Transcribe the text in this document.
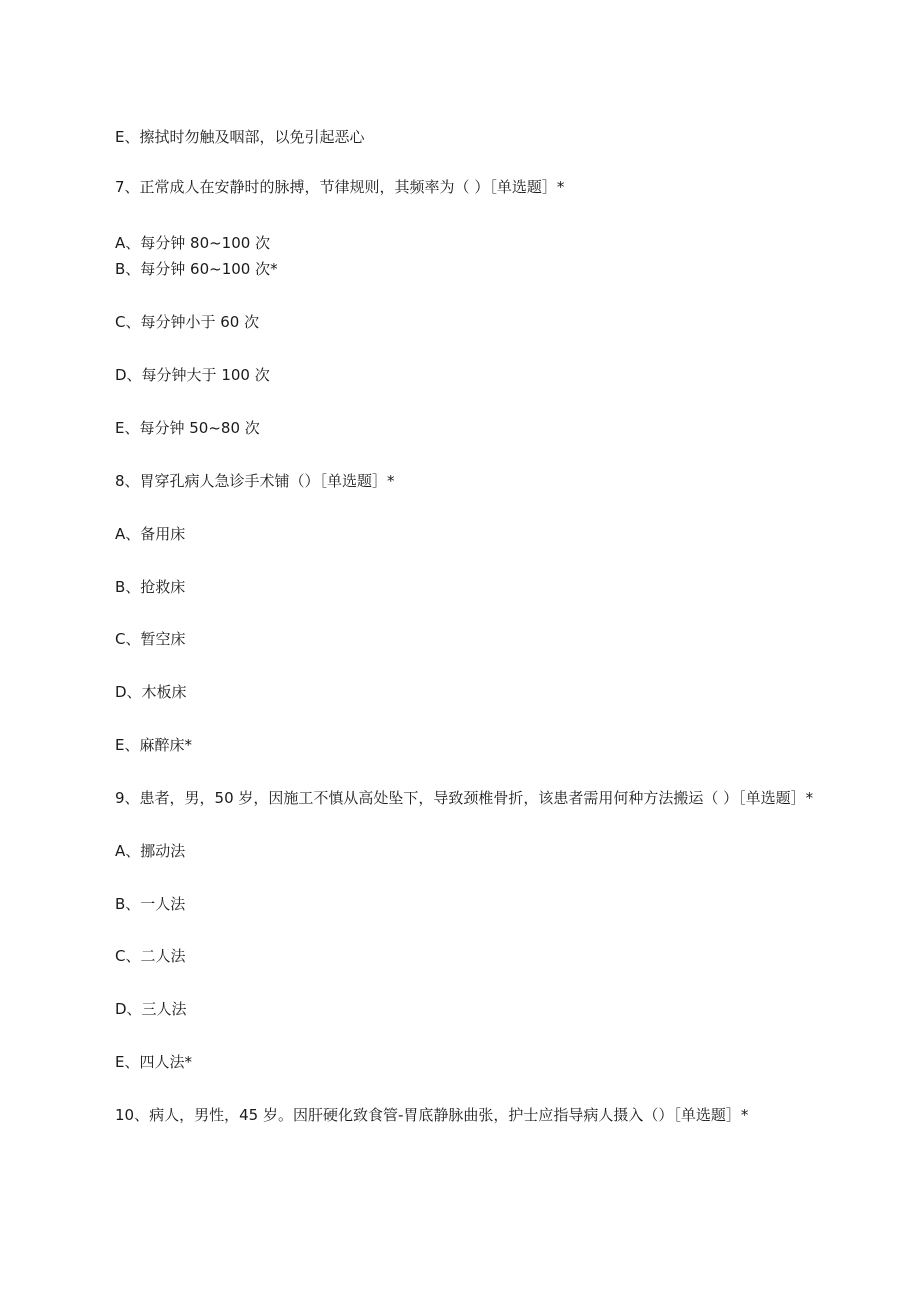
E、擦拭时勿触及咽部，以免引起恶心
7、正常成人在安静时的脉搏，节律规则，其频率为（ ）［单选题］*
A、每分钟 80~100 次
B、每分钟 60~100 次*
C、每分钟小于 60 次
D、每分钟大于 100 次
E、每分钟 50~80 次
8、胃穿孔病人急诊手术铺（）［单选题］*
A、备用床
B、抢救床
C、暂空床
D、木板床
E、麻醉床*
9、患者，男，50 岁，因施工不慎从高处坠下，导致颈椎骨折，该患者需用何种方法搬运（ ）［单选题］*
A、挪动法
B、一人法
C、二人法
D、三人法
E、四人法*
10、病人，男性，45 岁。因肝硬化致食管-胃底静脉曲张，护士应指导病人摄入（）［单选题］*
